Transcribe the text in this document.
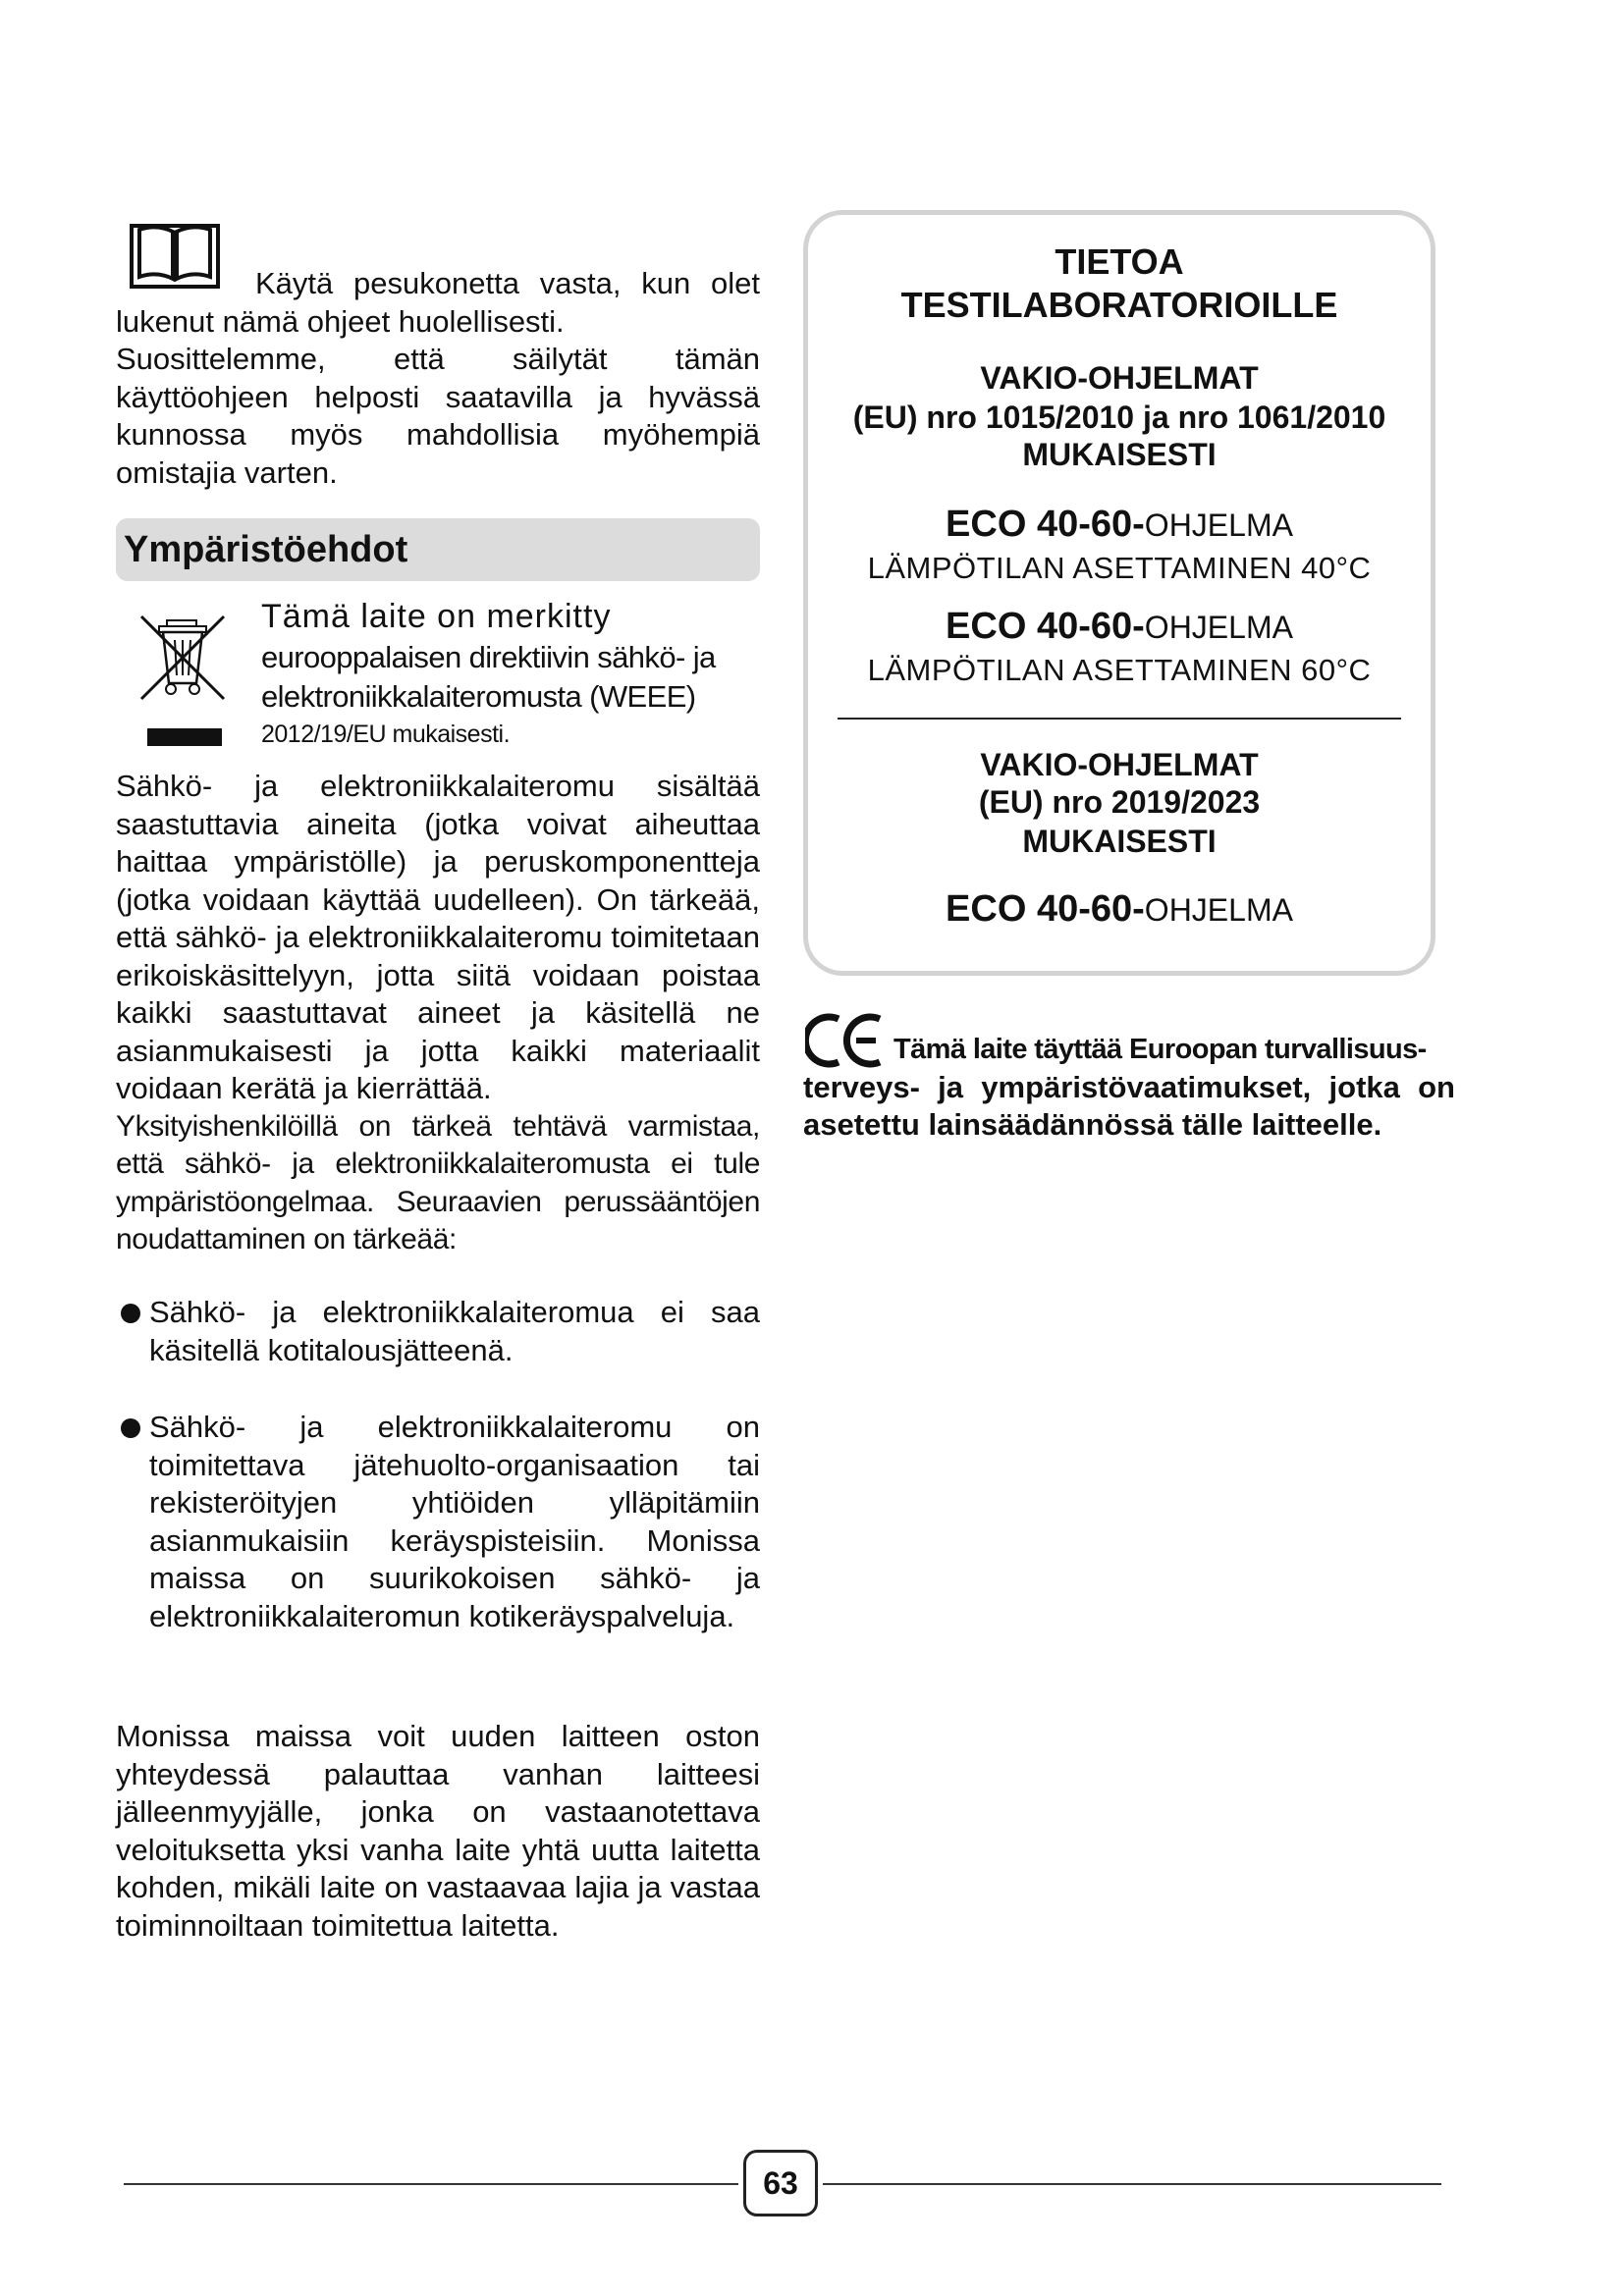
Käytä pesukonetta vasta, kun olet lukenut nämä ohjeet huolellisesti.

Suosittelemme, että säilytät tämän käyttöohjeen helposti saatavilla ja hyvässä kunnossa myös mahdollisia myöhempiä omistajia varten.

Ympäristöehdot

Tämä laite on merkitty

eurooppalaisen direktiivin sähkö- ja elektroniikkalaiteromusta (WEEE)

2012/19/EU mukaisesti.

Sähkö- ja elektroniikkalaiteromu sisältää saastuttavia aineita (jotka voivat aiheuttaa haittaa ympäristölle) ja peruskomponentteja (jotka voidaan käyttää uudelleen). On tärkeää, että sähkö- ja elektroniikkalaiteromu toimitetaan erikoiskäsittelyyn, jotta siitä voidaan poistaa kaikki saastuttavat aineet ja käsitellä ne asianmukaisesti ja jotta kaikki materiaalit voidaan kerätä ja kierrättää.

Yksityishenkilöillä on tärkeä tehtävä varmistaa, että sähkö- ja elektroniikkalaiteromusta ei tule ympäristöongelmaa. Seuraavien perussääntöjen noudattaminen on tärkeää:

Sähkö- ja elektroniikkalaiteromua ei saa käsitellä kotitalousjätteenä.

Sähkö- ja elektroniikkalaiteromu on toimitettava jätehuolto-organisaation tai rekisteröityjen yhtiöiden ylläpitämiin asianmukaisiin keräyspisteisiin. Monissa maissa on suurikokoisen sähkö- ja elektroniikkalaiteromun kotikeräyspalveluja.

Monissa maissa voit uuden laitteen oston yhteydessä palauttaa vanhan laitteesi jälleenmyyjälle, jonka on vastaanotettava veloituksetta yksi vanha laite yhtä uutta laitetta kohden, mikäli laite on vastaavaa lajia ja vastaa toiminnoiltaan toimitettua laitetta.

TIETOA
TESTILABORATORIOILLE
VAKIO-OHJELMAT
(EU) nro 1015/2010 ja nro 1061/2010
MUKAISESTI
ECO 40-60-OHJELMA
LÄMPÖTILAN ASETTAMINEN 40°C
ECO 40-60-OHJELMA
LÄMPÖTILAN ASETTAMINEN 60°C
VAKIO-OHJELMAT
(EU) nro 2019/2023
MUKAISESTI
ECO 40-60-OHJELMA

Tämä laite täyttää Euroopan turvallisuus-

terveys- ja ympäristövaatimukset, jotka on asetettu lainsäädännössä tälle laitteelle.

63
